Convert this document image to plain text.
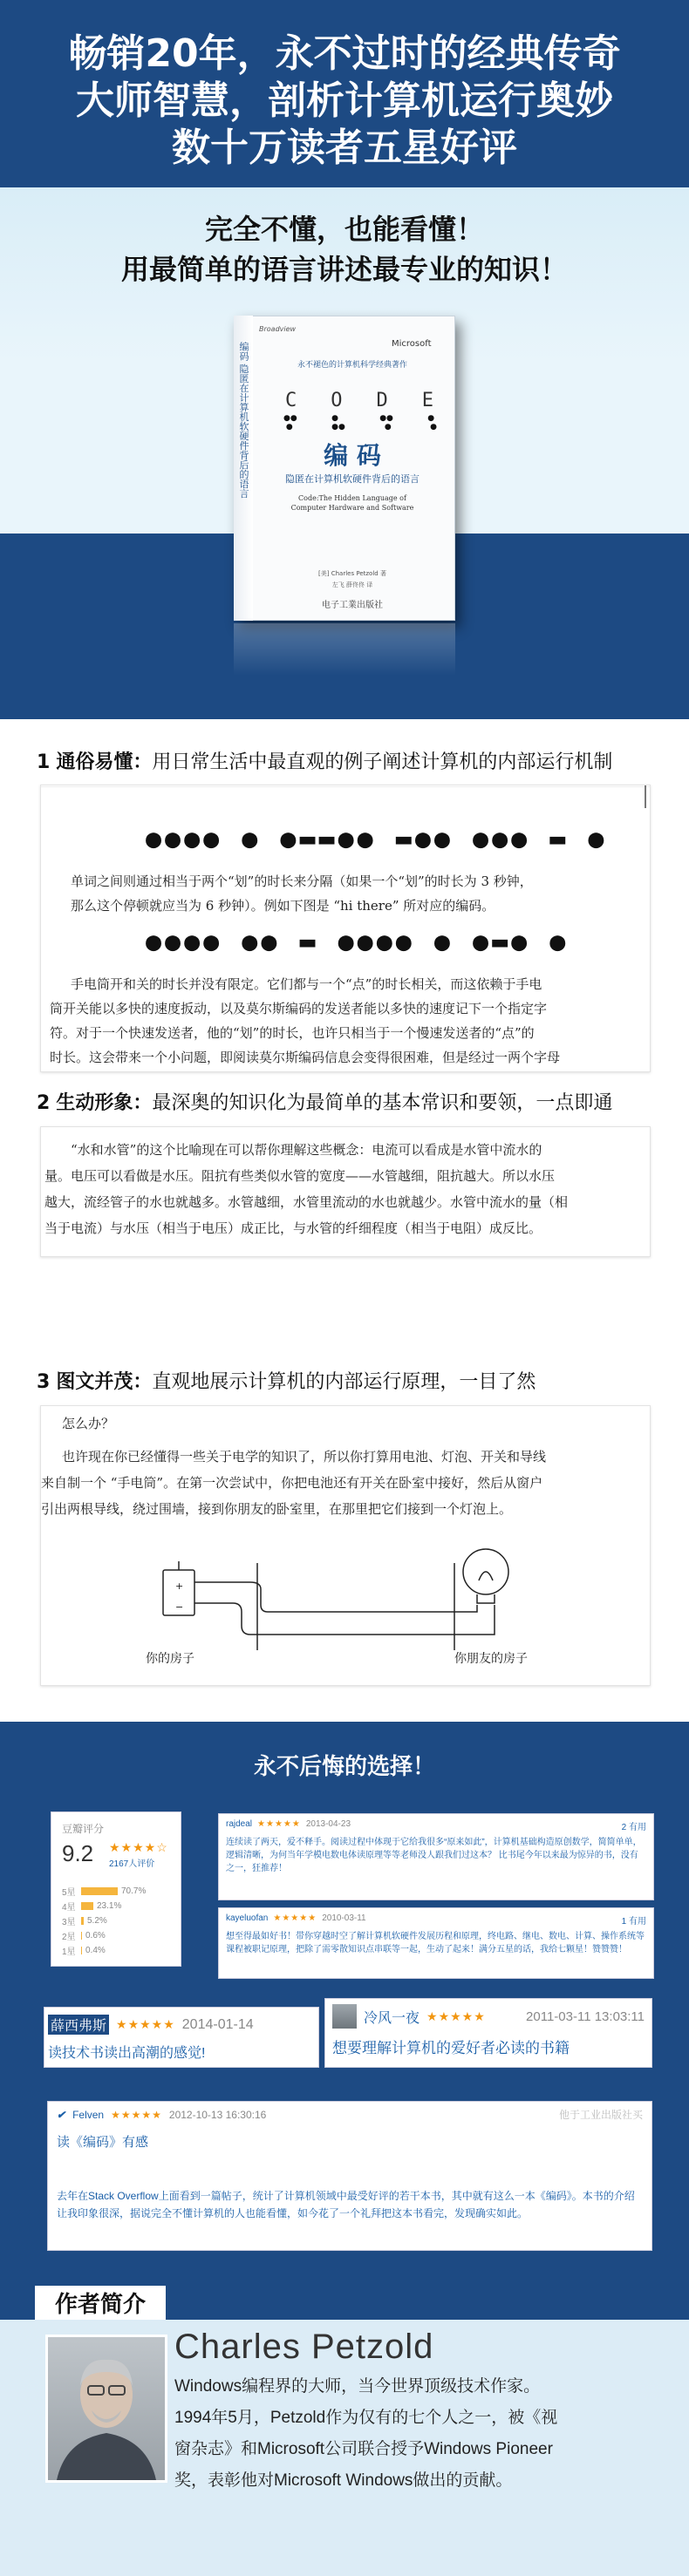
畅销20年，永不过时的经典传奇
大师智慧，剖析计算机运行奥妙
数十万读者五星好评
完全不懂，也能看懂！
用最简单的语言讲述最专业的知识！
Broadview
Microsoft
永不褪色的计算机科学经典著作
C O D E
●●
●
●
●●
●●
●
●
●
编 码
隐匿在计算机软硬件背后的语言
Code:The Hidden Language of
Computer Hardware and Software
[美] Charles Petzold 著
左飞 薛佟佟 译
电子工業出版社
编码 隐匿在计算机软硬件背后的语言
1 通俗易懂：用日常生活中最直观的例子阐述计算机的内部运行机制
●●●● ● ●▬▬●● ▬●● ●●● ▬ ●
单词之间则通过相当于两个“划”的时长来分隔（如果一个“划”的时长为 3 秒钟，
那么这个停顿就应当为 6 秒钟）。例如下图是 “hi there” 所对应的编码。
●●●● ●● ▬ ●●●● ● ●▬● ●
手电筒开和关的时长并没有限定。它们都与一个“点”的时长相关，而这依赖于手电
筒开关能以多快的速度扳动，以及莫尔斯编码的发送者能以多快的速度记下一个指定字
符。对于一个快速发送者，他的“划”的时长，也许只相当于一个慢速发送者的“点”的
时长。这会带来一个小问题，即阅读莫尔斯编码信息会变得很困难，但是经过一两个字母
2 生动形象：最深奥的知识化为最简单的基本常识和要领，一点即通
“水和水管”的这个比喻现在可以帮你理解这些概念：电流可以看成是水管中流水的
量。电压可以看做是水压。阻抗有些类似水管的宽度——水管越细，阻抗越大。所以水压
越大，流经管子的水也就越多。水管越细，水管里流动的水也就越少。水管中流水的量（相
当于电流）与水压（相当于电压）成正比，与水管的纤细程度（相当于电阻）成反比。
3 图文并茂：直观地展示计算机的内部运行原理，一目了然
怎么办？
也许现在你已经懂得一些关于电学的知识了，所以你打算用电池、灯泡、开关和导线
来自制一个 “手电筒”。在第一次尝试中，你把电池还有开关在卧室中接好，然后从窗户
引出两根导线，绕过围墙，接到你朋友的卧室里，在那里把它们接到一个灯泡上。
+
−
你的房子	你朋友的房子
永不后悔的选择！
豆瓣评分
9.2 ★★★★☆
2167人评价
5星	70.7%
4星	23.1%
3星	5.2%
2星	0.6%
1星	0.4%
rajdeal ★★★★★ 2013-04-23	2 有用
连续读了两天，爱不释手。阅读过程中体现于它给我很多“原来如此”，计算机基础构造原创数学，简简单单，逻辑清晰，为何当年学模电数电体读原理等等老师没人跟我们过这本？ 比书尾今年以来最为惊异的书，没有之一，狂推荐！
kayeluofan ★★★★★ 2010-03-11	1 有用
想至得最如好书！带你穿越时空了解计算机软硬件发展历程和原理，终电路、继电、数电、计算、操作系统等课程被职记原理，把除了需零散知识点串联等一起，生动了起来！满分五星的话，我给七颗星！赞赞赞！
薛西弗斯 ★★★★★ 2014-01-14
读技术书读出高潮的感觉!
冷风一夜 ★★★★★	2011-03-11 13:03:11
想要理解计算机的爱好者必读的书籍
✔ Felven ★★★★★ 2012-10-13 16:30:16	他于工业出版社买
读《编码》有感
去年在Stack Overflow上面看到一篇帖子，统计了计算机领域中最受好评的若干本书，其中就有这么一本《编码》。本书的介绍让我印象很深，据说完全不懂计算机的人也能看懂，如今花了一个礼拜把这本书看完，发现确实如此。
作者简介
Charles Petzold
Windows编程界的大师，当今世界顶级技术作家。
1994年5月，Petzold作为仅有的七个人之一，被《视
窗杂志》和Microsoft公司联合授予Windows Pioneer
奖，表彰他对Microsoft Windows做出的贡献。
